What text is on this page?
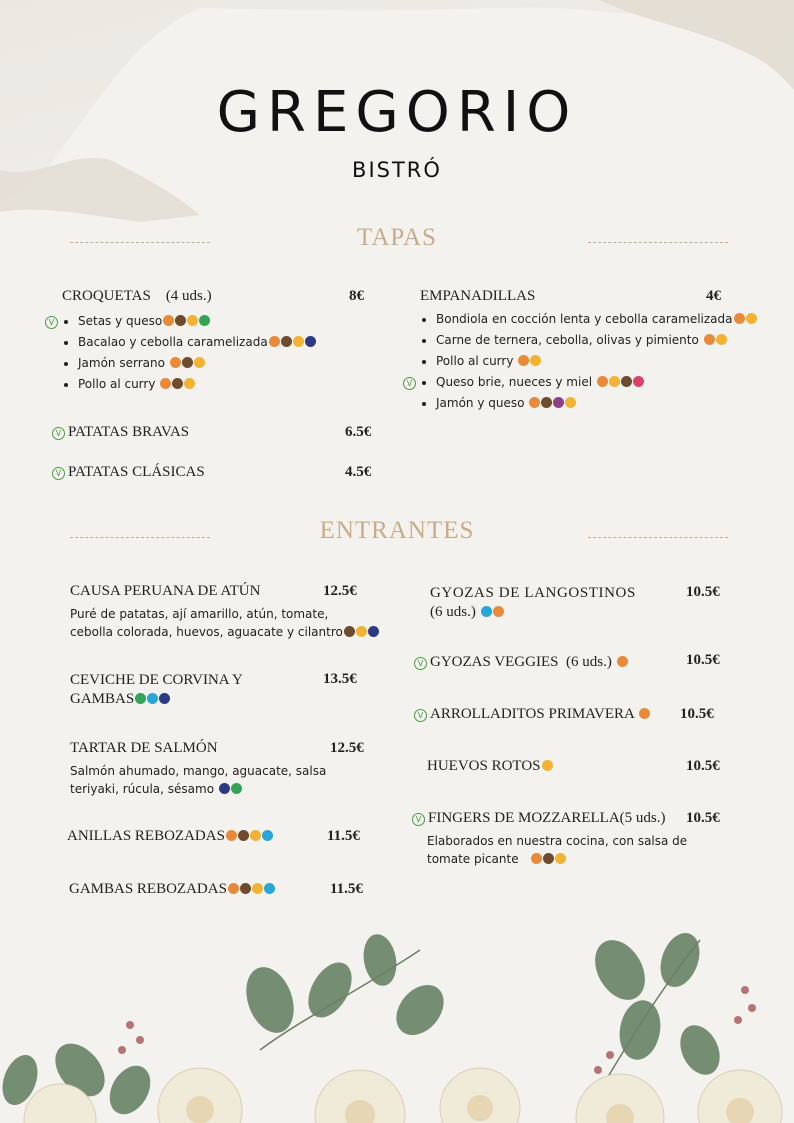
GREGORIO
BISTRÓ
TAPAS
CROQUETAS (4 uds.)	8€
V
•	Setas y queso
• Bacalao y cebolla caramelizada
• Jamón serrano
• Pollo al curry
EMPANADILLAS	4€
V
• Bondiola en cocción lenta y cebolla caramelizada
• Carne de ternera, cebolla, olivas y pimiento
• Pollo al curry
• Queso brie, nueces y miel
• Jamón y queso
V PATATAS BRAVAS	6.5€
V PATATAS CLÁSICAS	4.5€
ENTRANTES
CAUSA PERUANA DE ATÚN	12.5€
Puré de patatas, ají amarillo, atún, tomate,
cebolla colorada, huevos, aguacate y cilantro
CEVICHE DE CORVINA Y
GAMBAS
13.5€
TARTAR DE SALMÓN	12.5€
Salmón ahumado, mango, aguacate, salsa
teriyaki, rúcula, sésamo
ANILLAS REBOZADAS	11.5€
GAMBAS REBOZADAS	11.5€
GYOZAS DE LANGOSTINOS
(6 uds.)
10.5€
V GYOZAS VEGGIES (6 uds.)	10.5€
V ARROLLADITOS PRIMAVERA	10.5€
HUEVOS ROTOS	10.5€
V FINGERS DE MOZZARELLA(5 uds.) 10.5€
Elaborados en nuestra cocina, con salsa de
tomate picante
